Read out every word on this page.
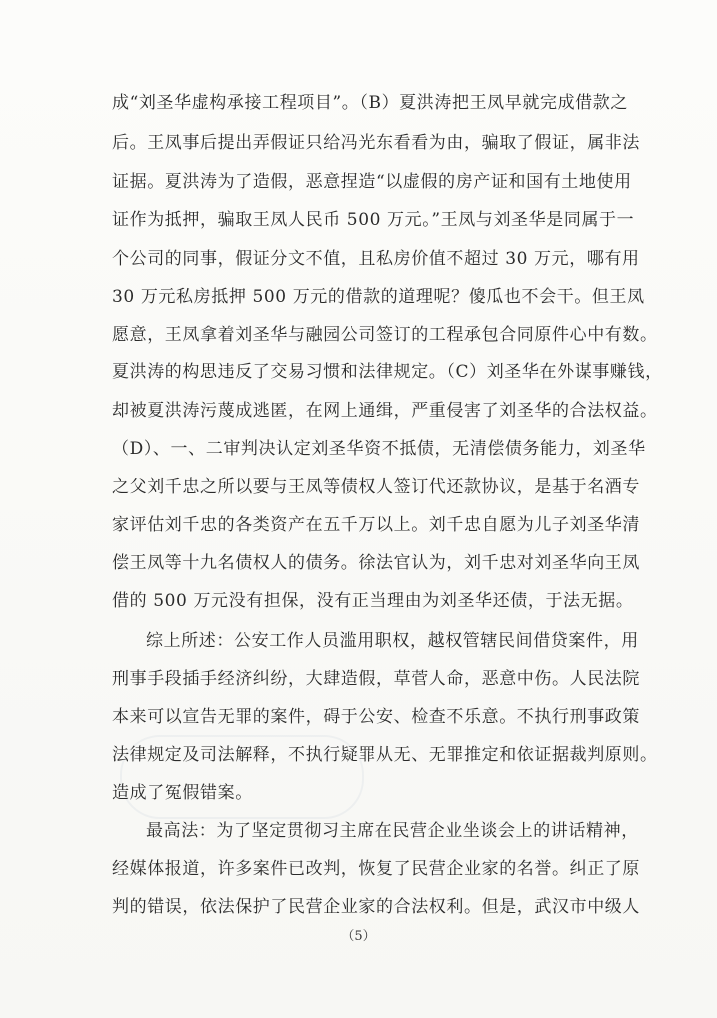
成“刘圣华虚构承接工程项目”。（B）夏洪涛把王凤早就完成借款之
后。王凤事后提出弄假证只给冯光东看看为由，骗取了假证，属非法
证据。夏洪涛为了造假，恶意捏造“以虚假的房产证和国有土地使用
证作为抵押，骗取王凤人民币 500 万元。”王凤与刘圣华是同属于一
个公司的同事，假证分文不值，且私房价值不超过 30 万元，哪有用
30 万元私房抵押 500 万元的借款的道理呢？傻瓜也不会干。但王凤
愿意，王凤拿着刘圣华与融园公司签订的工程承包合同原件心中有数。
夏洪涛的构思违反了交易习惯和法律规定。（C）刘圣华在外谋事赚钱，
却被夏洪涛污蔑成逃匿，在网上通缉，严重侵害了刘圣华的合法权益。
（D）、一、二审判决认定刘圣华资不抵债，无清偿债务能力，刘圣华
之父刘千忠之所以要与王凤等债权人签订代还款协议，是基于名酒专
家评估刘千忠的各类资产在五千万以上。刘千忠自愿为儿子刘圣华清
偿王凤等十九名债权人的债务。徐法官认为，刘千忠对刘圣华向王凤
借的 500 万元没有担保，没有正当理由为刘圣华还债，于法无据。
综上所述：公安工作人员滥用职权，越权管辖民间借贷案件，用
刑事手段插手经济纠纷，大肆造假，草菅人命，恶意中伤。人民法院
本来可以宣告无罪的案件，碍于公安、检查不乐意。不执行刑事政策
法律规定及司法解释，不执行疑罪从无、无罪推定和依证据裁判原则。
造成了冤假错案。
最高法：为了坚定贯彻习主席在民营企业坐谈会上的讲话精神，
经媒体报道，许多案件已改判，恢复了民营企业家的名誉。纠正了原
判的错误，依法保护了民营企业家的合法权利。但是，武汉市中级人
（5）
